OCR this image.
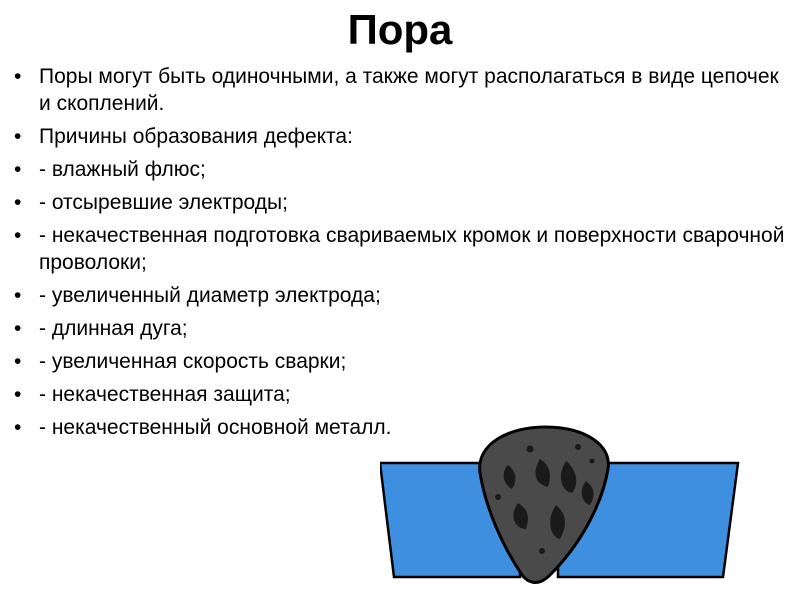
Пора
• Поры могут быть одиночными, а также могут располагаться в виде цепочек и скоплений.
• Причины образования дефекта:
• - влажный флюс;
• - отсыревшие электроды;
• - некачественная подготовка свариваемых кромок и поверхности сварочной проволоки;
• - увеличенный диаметр электрода;
• - длинная дуга;
• - увеличенная скорость сварки;
• - некачественная защита;
• - некачественный основной металл.
